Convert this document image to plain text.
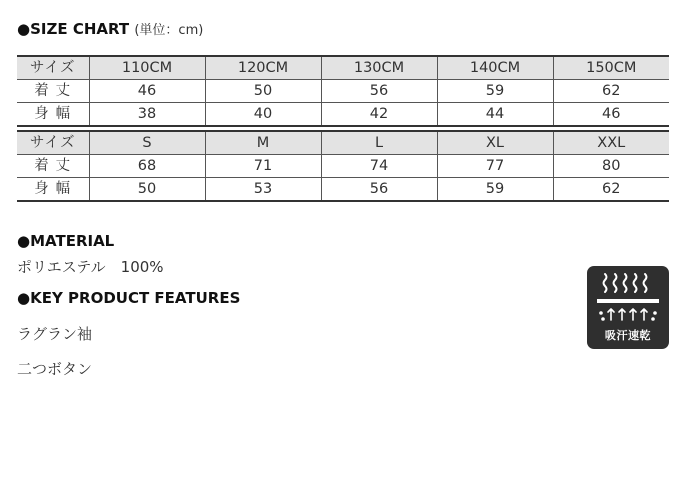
●SIZE CHART (単位：cm)
サイズ	110CM	120CM	130CM	140CM	150CM
着 丈	46	50	56	59	62
身 幅	38	40	42	44	46
サイズ	S	M	L	XL	XXL
着 丈	68	71	74	77	80
身 幅	50	53	56	59	62
●MATERIAL
ポリエステル　100%
●KEY PRODUCT FEATURES
ラグラン袖
二つボタン
吸汗速乾
